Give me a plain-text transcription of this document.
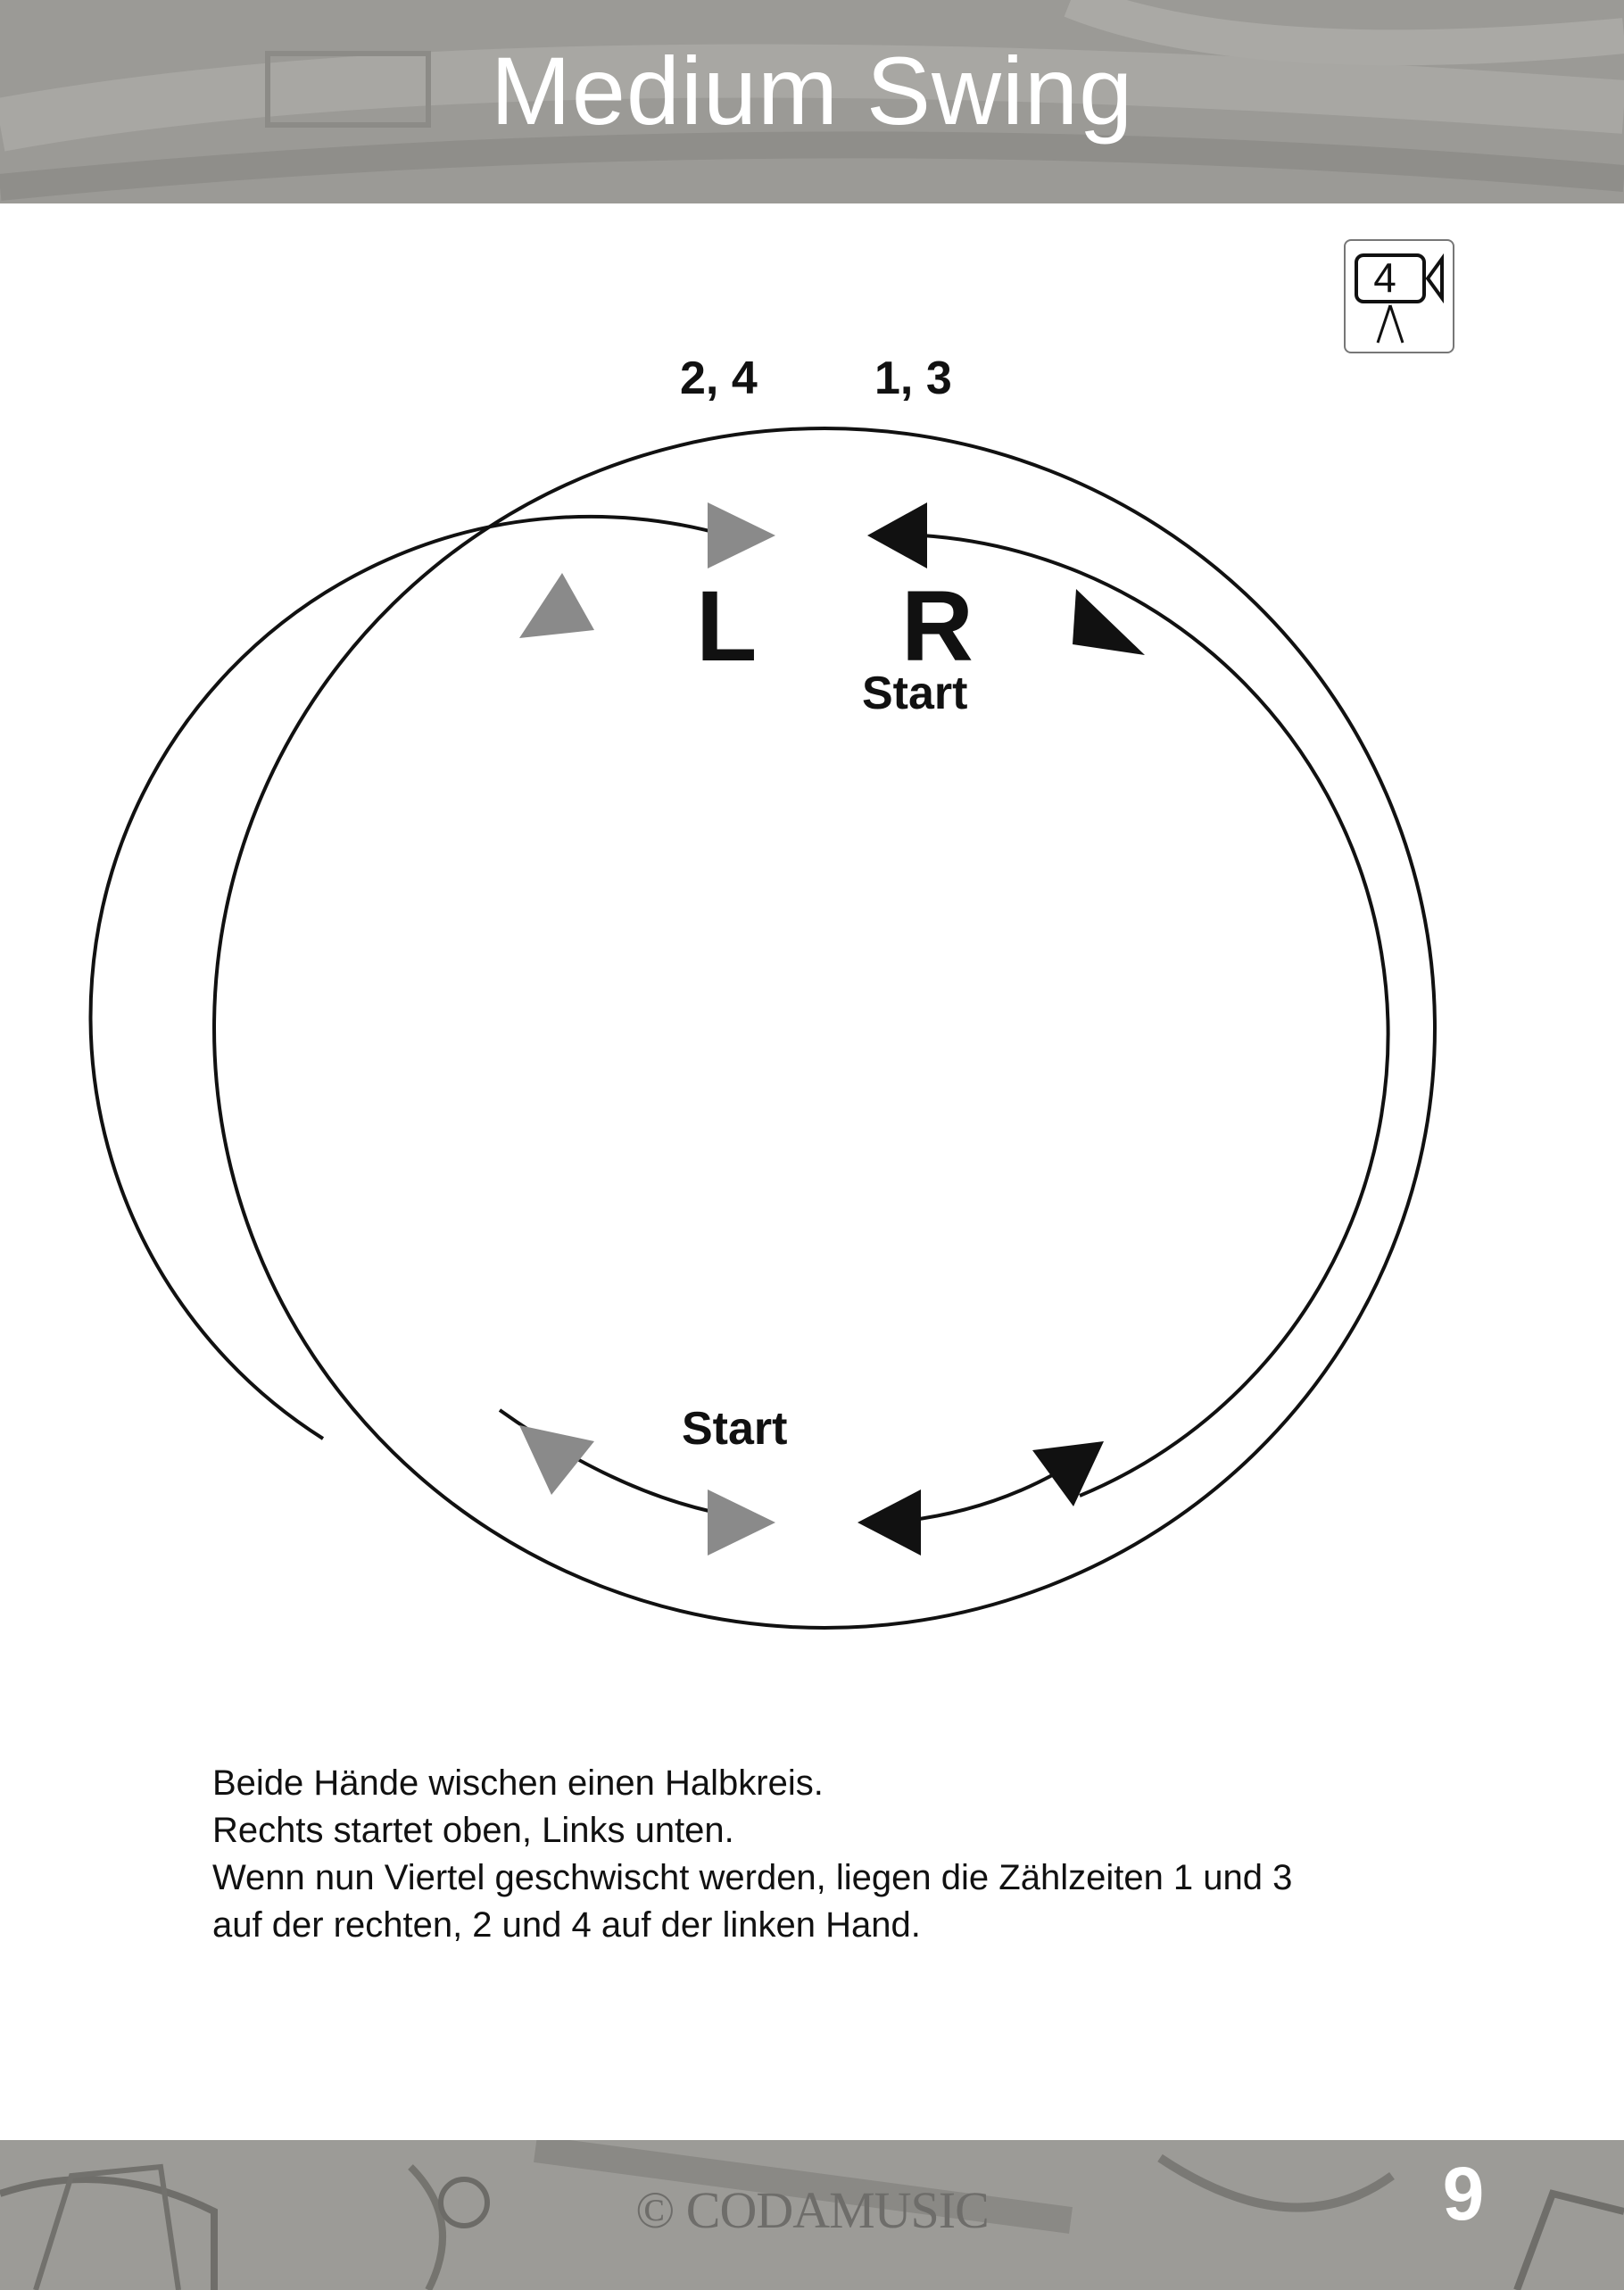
Medium Swing
4
2, 4	1, 3
L R
Start
Start

Beide Hände wischen einen Halbkreis.

Rechts startet oben, Links unten.

Wenn nun Viertel geschwischt werden, liegen die Zählzeiten 1 und 3

auf der rechten, 2 und 4 auf der linken Hand.

© CODAMUSIC	9
